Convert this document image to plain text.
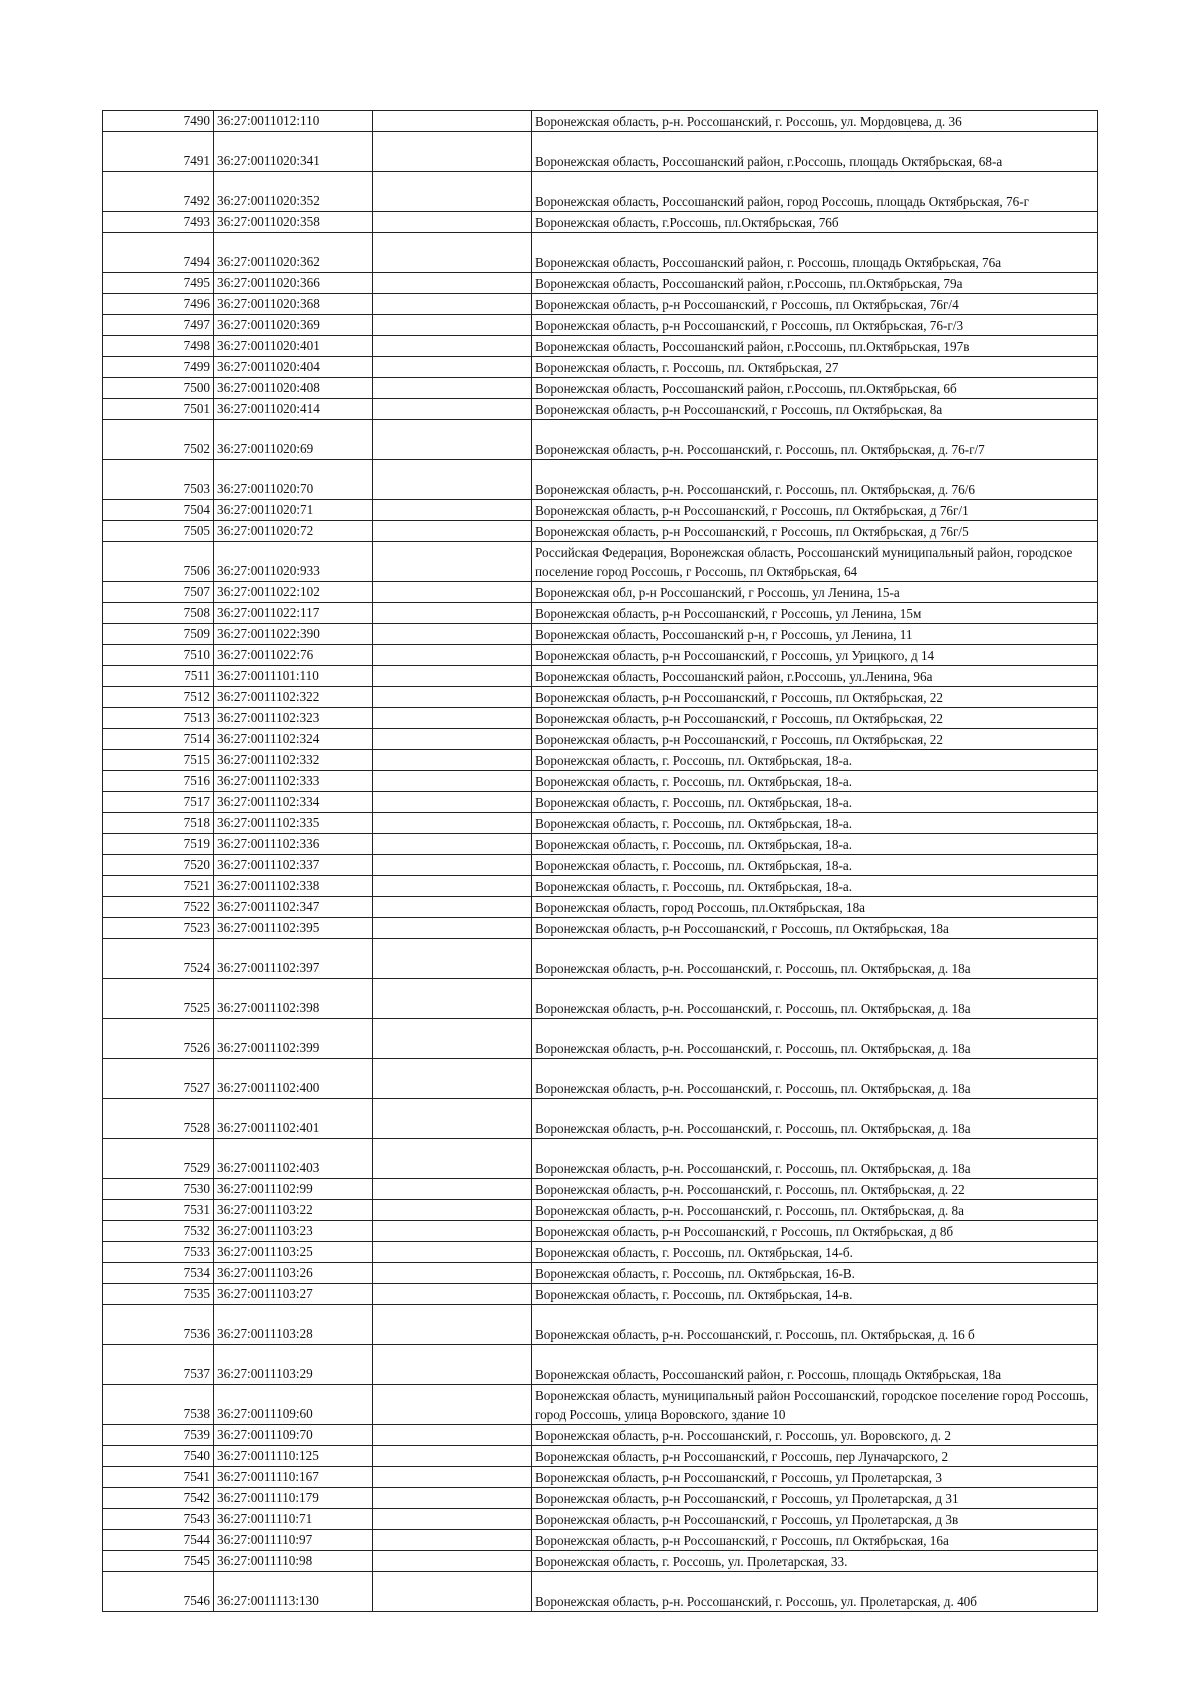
7490	36:27:0011012:110		Воронежская область, р-н. Россошанский, г. Россошь, ул. Мордовцева, д. 36
7491	36:27:0011020:341		Воронежская область, Россошанский район, г.Россошь, площадь Октябрьская, 68-а
7492	36:27:0011020:352		Воронежская область, Россошанский район, город Россошь, площадь Октябрьская, 76-г
7493	36:27:0011020:358		Воронежская область, г.Россошь, пл.Октябрьская, 76б
7494	36:27:0011020:362		Воронежская область, Россошанский район, г. Россошь, площадь Октябрьская, 76а
7495	36:27:0011020:366		Воронежская область, Россошанский район, г.Россошь, пл.Октябрьская, 79а
7496	36:27:0011020:368		Воронежская область, р-н Россошанский, г Россошь, пл Октябрьская, 76г/4
7497	36:27:0011020:369		Воронежская область, р-н Россошанский, г Россошь, пл Октябрьская, 76-г/3
7498	36:27:0011020:401		Воронежская область, Россошанский район, г.Россошь, пл.Октябрьская, 197в
7499	36:27:0011020:404		Воронежская область, г. Россошь, пл. Октябрьская, 27
7500	36:27:0011020:408		Воронежская область, Россошанский район, г.Россошь, пл.Октябрьская, 6б
7501	36:27:0011020:414		Воронежская область, р-н Россошанский, г Россошь, пл Октябрьская, 8а
7502	36:27:0011020:69		Воронежская область, р-н. Россошанский, г. Россошь, пл. Октябрьская, д. 76-г/7
7503	36:27:0011020:70		Воронежская область, р-н. Россошанский, г. Россошь, пл. Октябрьская, д. 76/6
7504	36:27:0011020:71		Воронежская область, р-н Россошанский, г Россошь, пл Октябрьская, д 76г/1
7505	36:27:0011020:72		Воронежская область, р-н Россошанский, г Россошь, пл Октябрьская, д 76г/5
7506	36:27:0011020:933		Российская Федерация, Воронежская область, Россошанский муниципальный район, городское поселение город Россошь, г Россошь, пл Октябрьская, 64
7507	36:27:0011022:102		Воронежская обл, р-н Россошанский, г Россошь, ул Ленина, 15-а
7508	36:27:0011022:117		Воронежская область, р-н Россошанский, г Россошь, ул Ленина, 15м
7509	36:27:0011022:390		Воронежская область, Россошанский р-н, г Россошь, ул Ленина, 11
7510	36:27:0011022:76		Воронежская область, р-н Россошанский, г Россошь, ул Урицкого, д 14
7511	36:27:0011101:110		Воронежская область, Россошанский район, г.Россошь, ул.Ленина, 96а
7512	36:27:0011102:322		Воронежская область, р-н Россошанский, г Россошь, пл Октябрьская, 22
7513	36:27:0011102:323		Воронежская область, р-н Россошанский, г Россошь, пл Октябрьская, 22
7514	36:27:0011102:324		Воронежская область, р-н Россошанский, г Россошь, пл Октябрьская, 22
7515	36:27:0011102:332		Воронежская область, г. Россошь, пл. Октябрьская, 18-а.
7516	36:27:0011102:333		Воронежская область, г. Россошь, пл. Октябрьская, 18-а.
7517	36:27:0011102:334		Воронежская область, г. Россошь, пл. Октябрьская, 18-а.
7518	36:27:0011102:335		Воронежская область, г. Россошь, пл. Октябрьская, 18-а.
7519	36:27:0011102:336		Воронежская область, г. Россошь, пл. Октябрьская, 18-а.
7520	36:27:0011102:337		Воронежская область, г. Россошь, пл. Октябрьская, 18-а.
7521	36:27:0011102:338		Воронежская область, г. Россошь, пл. Октябрьская, 18-а.
7522	36:27:0011102:347		Воронежская область, город Россошь, пл.Октябрьская, 18а
7523	36:27:0011102:395		Воронежская область, р-н Россошанский, г Россошь, пл Октябрьская, 18а
7524	36:27:0011102:397		Воронежская область, р-н. Россошанский, г. Россошь, пл. Октябрьская, д. 18а
7525	36:27:0011102:398		Воронежская область, р-н. Россошанский, г. Россошь, пл. Октябрьская, д. 18а
7526	36:27:0011102:399		Воронежская область, р-н. Россошанский, г. Россошь, пл. Октябрьская, д. 18а
7527	36:27:0011102:400		Воронежская область, р-н. Россошанский, г. Россошь, пл. Октябрьская, д. 18а
7528	36:27:0011102:401		Воронежская область, р-н. Россошанский, г. Россошь, пл. Октябрьская, д. 18а
7529	36:27:0011102:403		Воронежская область, р-н. Россошанский, г. Россошь, пл. Октябрьская, д. 18а
7530	36:27:0011102:99		Воронежская область, р-н. Россошанский, г. Россошь, пл. Октябрьская, д. 22
7531	36:27:0011103:22		Воронежская область, р-н. Россошанский, г. Россошь, пл. Октябрьская, д. 8а
7532	36:27:0011103:23		Воронежская область, р-н Россошанский, г Россошь, пл Октябрьская, д 8б
7533	36:27:0011103:25		Воронежская область, г. Россошь, пл. Октябрьская, 14-б.
7534	36:27:0011103:26		Воронежская область, г. Россошь, пл. Октябрьская, 16-В.
7535	36:27:0011103:27		Воронежская область, г. Россошь, пл. Октябрьская, 14-в.
7536	36:27:0011103:28		Воронежская область, р-н. Россошанский, г. Россошь, пл. Октябрьская, д. 16 б
7537	36:27:0011103:29		Воронежская область, Россошанский район, г. Россошь, площадь Октябрьская, 18а
7538	36:27:0011109:60		Воронежская область, муниципальный район Россошанский, городское поселение город Россошь, город Россошь, улица Воровского, здание 10
7539	36:27:0011109:70		Воронежская область, р-н. Россошанский, г. Россошь, ул. Воровского, д. 2
7540	36:27:0011110:125		Воронежская область, р-н Россошанский, г Россошь, пер Луначарского, 2
7541	36:27:0011110:167		Воронежская область, р-н Россошанский, г Россошь, ул Пролетарская, 3
7542	36:27:0011110:179		Воронежская область, р-н Россошанский, г Россошь, ул Пролетарская, д 31
7543	36:27:0011110:71		Воронежская область, р-н Россошанский, г Россошь, ул Пролетарская, д 3в
7544	36:27:0011110:97		Воронежская область, р-н Россошанский, г Россошь, пл Октябрьская, 16а
7545	36:27:0011110:98		Воронежская область, г. Россошь, ул. Пролетарская, 33.
7546	36:27:0011113:130		Воронежская область, р-н. Россошанский, г. Россошь, ул. Пролетарская, д. 40б
